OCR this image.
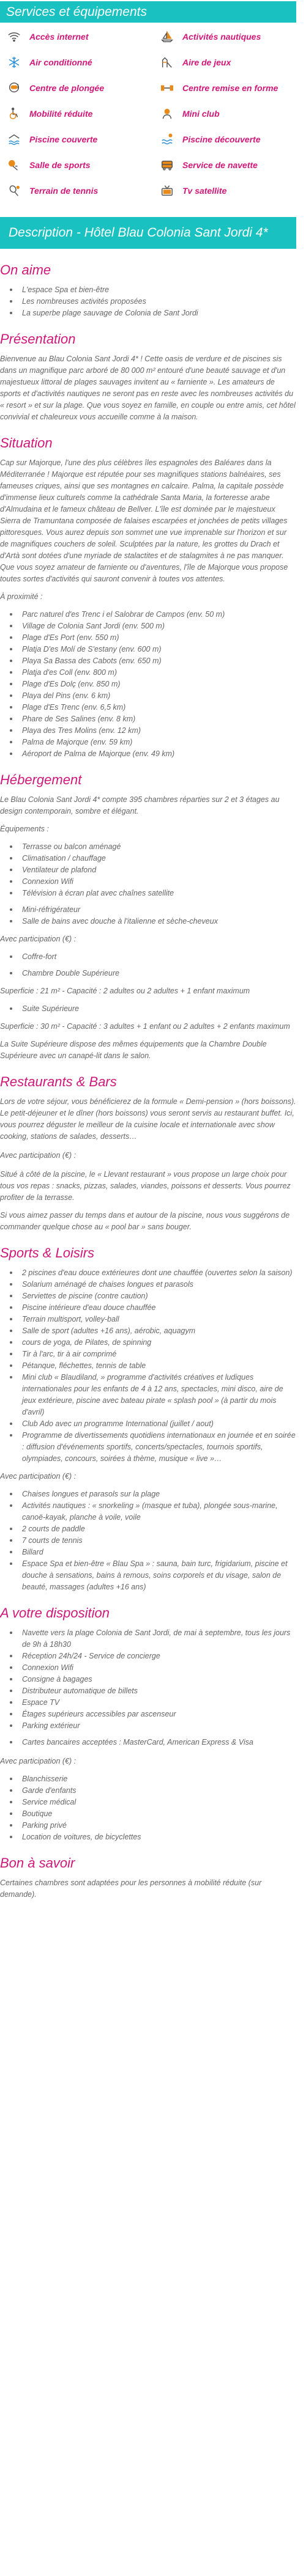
Services et équipements
Accès internet	Activités nautiques
Air conditionné	Aire de jeux
Centre de plongée	Centre remise en forme
Mobilité réduite	Mini club
Piscine couverte	Piscine découverte
Salle de sports	Service de navette
Terrain de tennis	Tv satellite
Description - Hôtel Blau Colonia Sant Jordi 4*
On aime
L'espace Spa et bien-être
Les nombreuses activités proposées
La superbe plage sauvage de Colonia de Sant Jordi
Présentation

Bienvenue au Blau Colonia Sant Jordi 4* ! Cette oasis de verdure et de piscines sis dans un magnifique parc arboré de 80 000 m² entouré d'une beauté sauvage et d'un majestueux littoral de plages sauvages invitent au « farniente ». Les amateurs de sports et d'activités nautiques ne seront pas en reste avec les nombreuses activités du « resort » et sur la plage. Que vous soyez en famille, en couple ou entre amis, cet hôtel convivial et chaleureux vous accueille comme à la maison.

Situation

Cap sur Majorque, l'une des plus célèbres îles espagnoles des Baléares dans la Méditerranée ! Majorque est réputée pour ses magnifiques stations balnéaires, ses fameuses criques, ainsi que ses montagnes en calcaire. Palma, la capitale possède d'immense lieux culturels comme la cathédrale Santa Maria, la forteresse arabe d'Almudaina et le fameux château de Bellver. L'île est dominée par le majestueux Sierra de Tramuntana composée de falaises escarpées et jonchées de petits villages pittoresques. Vous aurez depuis son sommet une vue imprenable sur l'horizon et sur de magnifiques couchers de soleil. Sculptées par la nature, les grottes du Drach et d'Artà sont dotées d'une myriade de stalactites et de stalagmites à ne pas manquer. Que vous soyez amateur de farniente ou d'aventures, l'île de Majorque vous propose toutes sortes d'activités qui sauront convenir à toutes vos attentes.

À proximité :

Parc naturel d'es Trenc i el Salobrar de Campos (env. 50 m)
Village de Colonia Sant Jordi (env. 500 m)
Plage d'Es Port (env. 550 m)
Platja D'es Molí de S'estany (env. 600 m)
Playa Sa Bassa des Cabots (env. 650 m)
Platja d'es Coll (env. 800 m)
Plage d'Es Dolç (env. 850 m)
Playa del Pins (env. 6 km)
Plage d'Es Trenc (env. 6,5 km)
Phare de Ses Salines (env. 8 km)
Playa des Tres Molins (env. 12 km)
Palma de Majorque (env. 59 km)
Aéroport de Palma de Majorque (env. 49 km)
Hébergement

Le Blau Colonia Sant Jordi 4* compte 395 chambres réparties sur 2 et 3 étages au design contemporain, sombre et élégant.

Équipements :

Terrasse ou balcon aménagé
Climatisation / chauffage
Ventilateur de plafond
Connexion Wifi
Télévision à écran plat avec chaînes satellite
Mini-réfrigérateur
Salle de bains avec douche à l'italienne et sèche-cheveux

Avec participation (€) :

Coffre-fort
Chambre Double Supérieure

Superficie : 21 m² - Capacité : 2 adultes ou 2 adultes + 1 enfant maximum

Suite Supérieure

Superficie : 30 m² - Capacité : 3 adultes + 1 enfant ou 2 adultes + 2 enfants maximum

La Suite Supérieure dispose des mêmes équipements que la Chambre Double Supérieure avec un canapé-lit dans le salon.

Restaurants & Bars

Lors de votre séjour, vous bénéficierez de la formule « Demi-pension » (hors boissons). Le petit-déjeuner et le dîner (hors boissons) vous seront servis au restaurant buffet. Ici, vous pourrez déguster le meilleur de la cuisine locale et internationale avec show cooking, stations de salades, desserts…

Avec participation (€) :

Situé à côté de la piscine, le « Llevant restaurant » vous propose un large choix pour tous vos repas : snacks, pizzas, salades, viandes, poissons et desserts. Vous pourrez profiter de la terrasse.

Si vous aimez passer du temps dans et autour de la piscine, nous vous suggérons de commander quelque chose au « pool bar » sans bouger.

Sports & Loisirs
2 piscines d'eau douce extérieures dont une chauffée (ouvertes selon la saison)
Solarium aménagé de chaises longues et parasols
Serviettes de piscine (contre caution)
Piscine intérieure d'eau douce chauffée
Terrain multisport, volley-ball
Salle de sport (adultes +16 ans), aérobic, aquagym
cours de yoga, de Pilates, de spinning
Tir à l'arc, tir à air comprimé
Pétanque, fléchettes, tennis de table
Mini club « Blaudiland, » programme d'activités créatives et ludiques internationales pour les enfants de 4 à 12 ans, spectacles, mini disco, aire de jeux extérieure, piscine avec bateau pirate « splash pool » (à partir du mois d'avril)
Club Ado avec un programme International (juillet / aout)
Programme de divertissements quotidiens internationaux en journée et en soirée : diffusion d'événements sportifs, concerts/spectacles, tournois sportifs, olympiades, concours, soirées à thème, musique « live »…

Avec participation (€) :

Chaises longues et parasols sur la plage
Activités nautiques : « snorkeling » (masque et tuba), plongée sous-marine, canoë-kayak, planche à voile, voile
2 courts de paddle
7 courts de tennis
Billard
Espace Spa et bien-être « Blau Spa » : sauna, bain turc, frigidarium, piscine et douche à sensations, bains à remous, soins corporels et du visage, salon de beauté, massages (adultes +16 ans)
A votre disposition
Navette vers la plage Colonia de Sant Jordi, de mai à septembre, tous les jours de 9h à 18h30
Réception 24h/24 - Service de concierge
Connexion Wifi
Consigne à bagages
Distributeur automatique de billets
Espace TV
Étages supérieurs accessibles par ascenseur
Parking extérieur
Cartes bancaires acceptées : MasterCard, American Express & Visa

Avec participation (€) :

Blanchisserie
Garde d'enfants
Service médical
Boutique
Parking privé
Location de voitures, de bicyclettes
Bon à savoir

Certaines chambres sont adaptées pour les personnes à mobilité réduite (sur demande).
